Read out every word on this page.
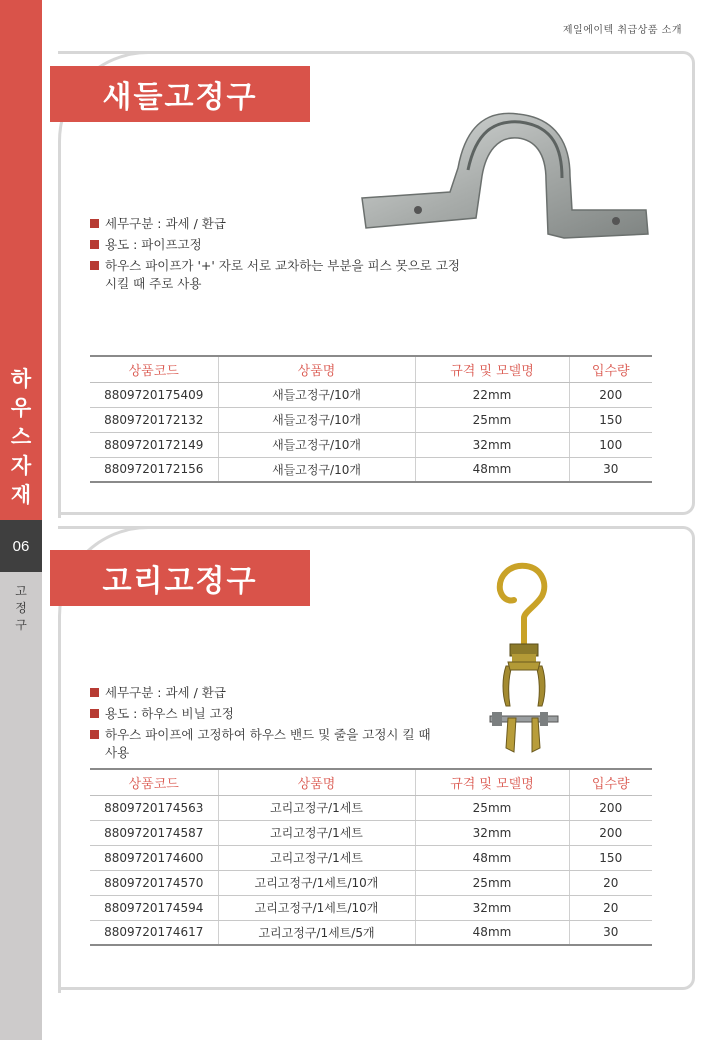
하
우
스
자
재
06
고
정
구
제일에이텍 취급상품 소개
새들고정구
세무구분 : 과세 / 환급
용도 : 파이프고정
하우스 파이프가 '+' 자로 서로 교차하는 부분을 피스 못으로 고정 시킬 때 주로 사용
상품코드	상품명	규격 및 모델명	입수량
8809720175409	새들고정구/10개	22mm	200
8809720172132	새들고정구/10개	25mm	150
8809720172149	새들고정구/10개	32mm	100
8809720172156	새들고정구/10개	48mm	30
고리고정구
세무구분 : 과세 / 환급
용도 : 하우스 비닐 고정
하우스 파이프에 고정하여 하우스 밴드 및 줄을 고정시 킬 때 사용
상품코드	상품명	규격 및 모델명	입수량
8809720174563	고리고정구/1세트	25mm	200
8809720174587	고리고정구/1세트	32mm	200
8809720174600	고리고정구/1세트	48mm	150
8809720174570	고리고정구/1세트/10개	25mm	20
8809720174594	고리고정구/1세트/10개	32mm	20
8809720174617	고리고정구/1세트/5개	48mm	30
